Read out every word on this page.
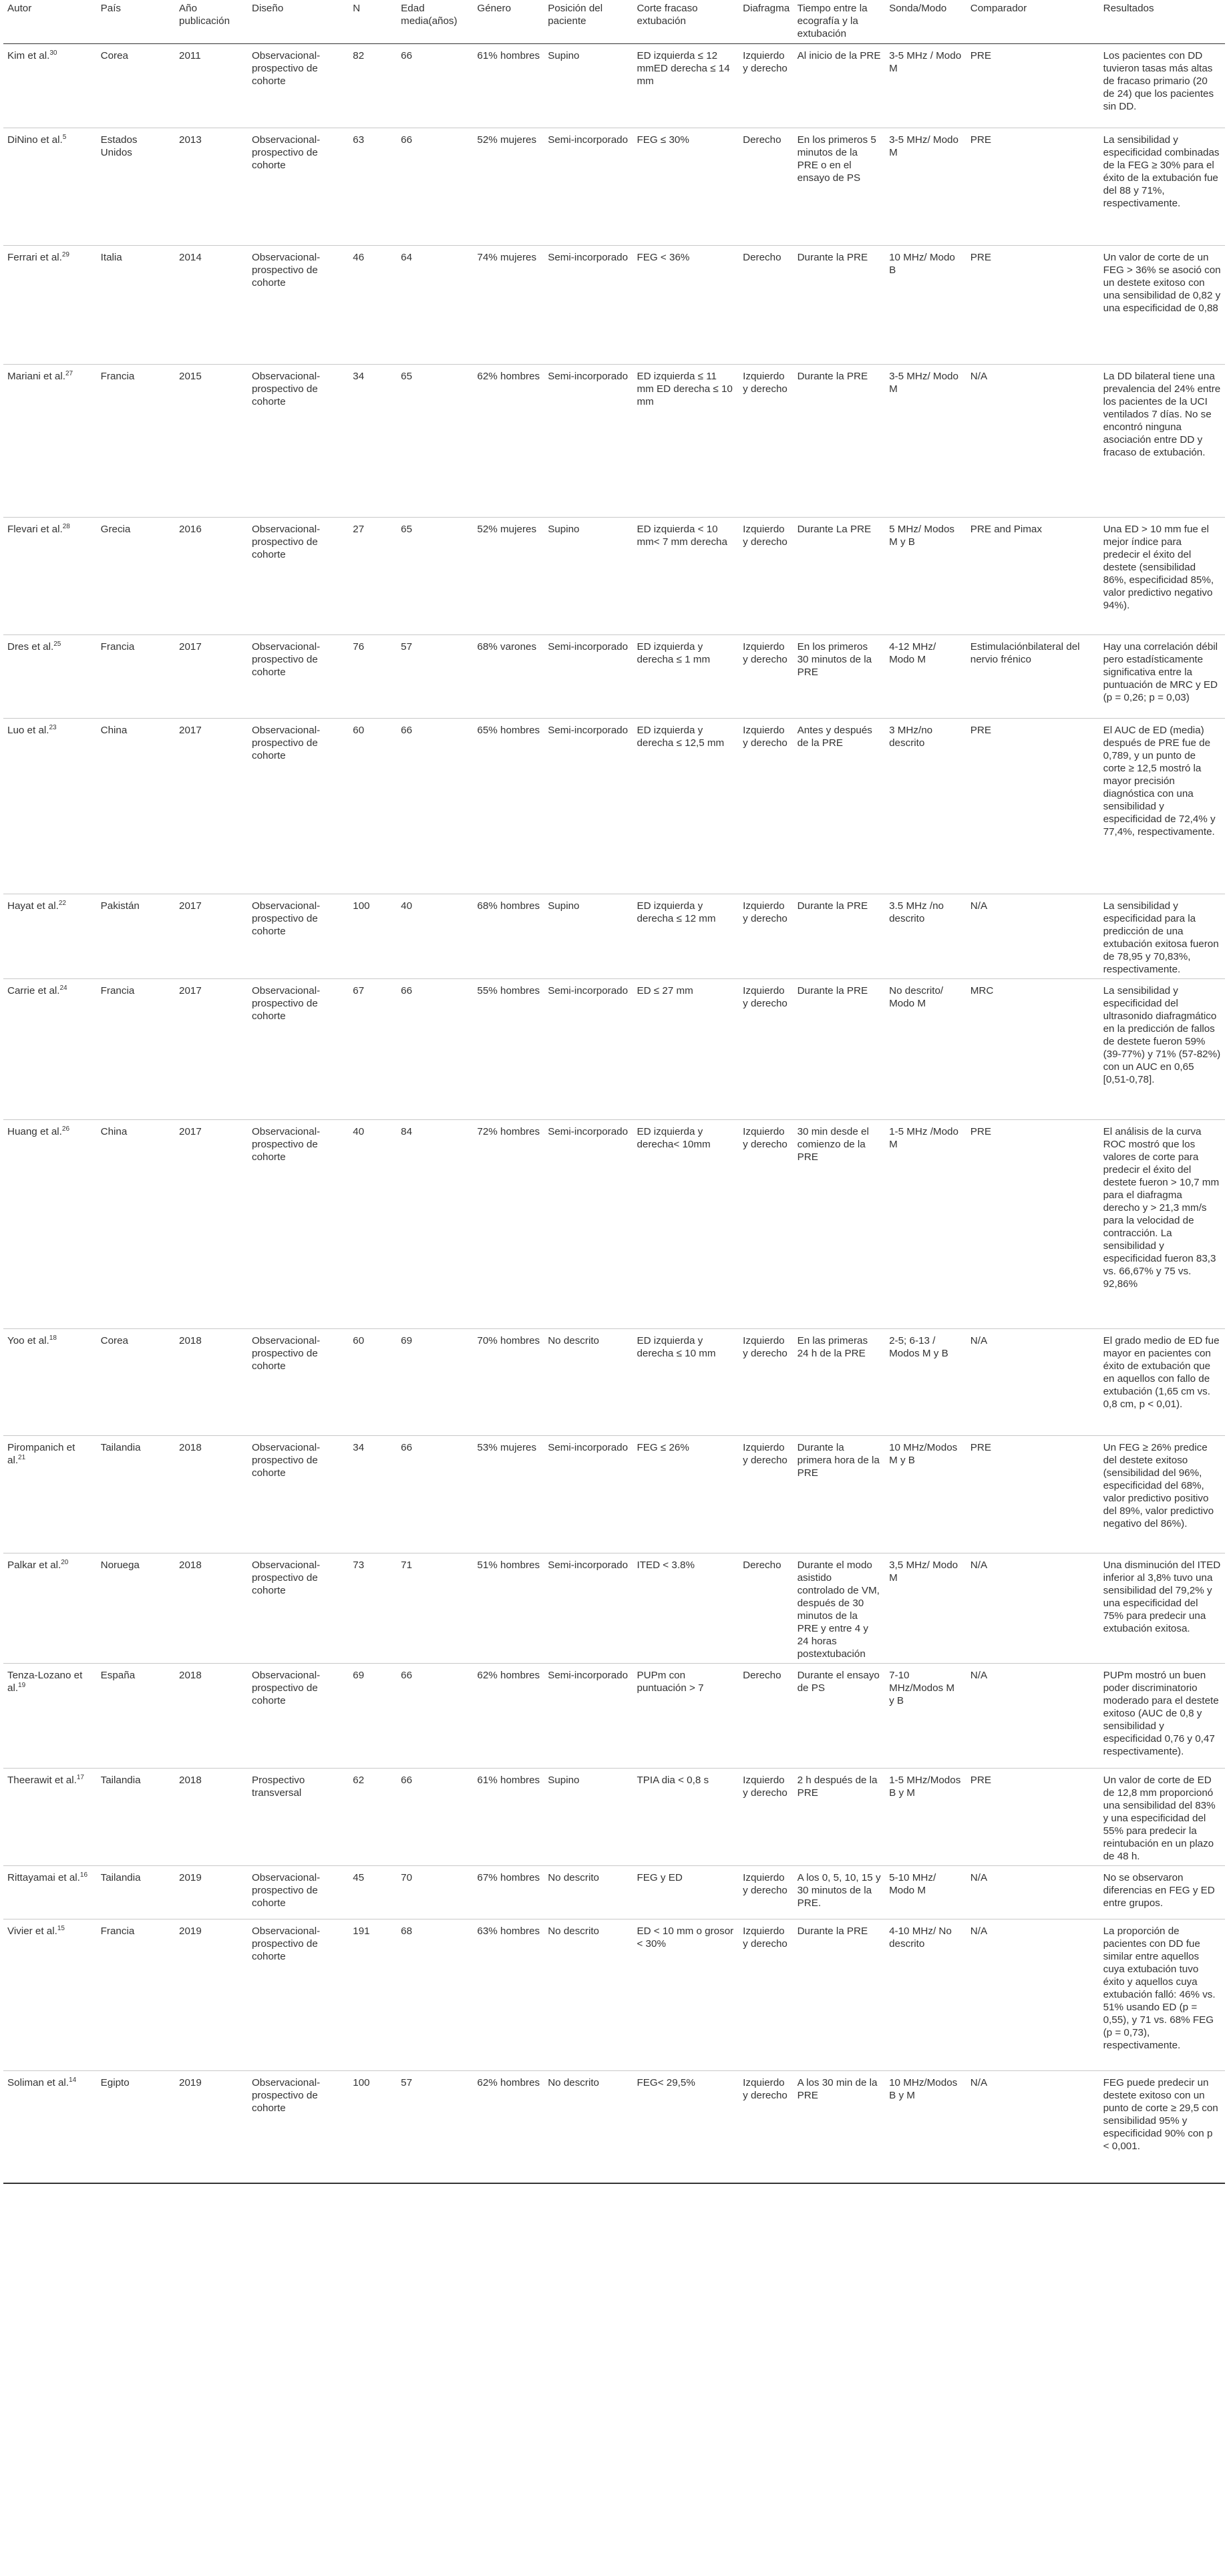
Autor	País	Año publicación	Diseño	N	Edad media(años)	Género	Posición del paciente	Corte fracaso extubación	Diafragma	Tiempo entre la ecografía y la extubación	Sonda/Modo	Comparador	Resultados
Kim et al.$^{30}$	Corea	2011	Observacional-prospectivo de cohorte	82	66	61% hombres	Supino	ED izquierda ≤ 12 mmED derecha ≤ 14 mm	Izquierdo y derecho	Al inicio de la PRE	3-5 MHz / Modo M	PRE	Los pacientes con DD tuvieron tasas más altas de fracaso primario (20 de 24) que los pacientes sin DD.
DiNino et al.$^5$	Estados Unidos	2013	Observacional-prospectivo de cohorte	63	66	52% mujeres	Semi-incorporado	FEG ≤ 30%	Derecho	En los primeros 5 minutos de la PRE o en el ensayo de PS	3-5 MHz/ Modo M	PRE	La sensibilidad y especificidad combinadas de la FEG ≥ 30% para el éxito de la extubación fue del 88 y 71%, respectivamente.
Ferrari et al.$^{29}$	Italia	2014	Observacional-prospectivo de cohorte	46	64	74% mujeres	Semi-incorporado	FEG < 36%	Derecho	Durante la PRE	10 MHz/ Modo B	PRE	Un valor de corte de un FEG > 36% se asoció con un destete exitoso con una sensibilidad de 0,82 y una especificidad de 0,88
Mariani et al.$^{27}$	Francia	2015	Observacional-prospectivo de cohorte	34	65	62% hombres	Semi-incorporado	ED izquierda ≤ 11 mm ED derecha ≤ 10 mm	Izquierdo y derecho	Durante la PRE	3-5 MHz/ Modo M	N/A	La DD bilateral tiene una prevalencia del 24% entre los pacientes de la UCI ventilados 7 días. No se encontró ninguna asociación entre DD y fracaso de extubación.
Flevari et al.$^{28}$	Grecia	2016	Observacional-prospectivo de cohorte	27	65	52% mujeres	Supino	ED izquierda < 10 mm< 7 mm derecha	Izquierdo y derecho	Durante La PRE	5 MHz/ Modos M y B	PRE and Pimax	Una ED > 10 mm fue el mejor índice para predecir el éxito del destete (sensibilidad 86%, especificidad 85%, valor predictivo negativo 94%).
Dres et al.$^{25}$	Francia	2017	Observacional-prospectivo de cohorte	76	57	68% varones	Semi-incorporado	ED izquierda y derecha ≤ 1 mm	Izquierdo y derecho	En los primeros 30 minutos de la PRE	4-12 MHz/ Modo M	Estimulaciónbilateral del nervio frénico	Hay una correlación débil pero estadísticamente significativa entre la puntuación de MRC y ED (p = 0,26; p = 0,03)
Luo et al.$^{23}$	China	2017	Observacional-prospectivo de cohorte	60	66	65% hombres	Semi-incorporado	ED izquierda y derecha ≤ 12,5 mm	Izquierdo y derecho	Antes y después de la PRE	3 MHz/no descrito	PRE	El AUC de ED (media) después de PRE fue de 0,789, y un punto de corte ≥ 12,5 mostró la mayor precisión diagnóstica con una sensibilidad y especificidad de 72,4% y 77,4%, respectivamente.
Hayat et al.$^{22}$	Pakistán	2017	Observacional-prospectivo de cohorte	100	40	68% hombres	Supino	ED izquierda y derecha ≤ 12 mm	Izquierdo y derecho	Durante la PRE	3.5 MHz /no descrito	N/A	La sensibilidad y especificidad para la predicción de una extubación exitosa fueron de 78,95 y 70,83%, respectivamente.
Carrie et al.$^{24}$	Francia	2017	Observacional-prospectivo de cohorte	67	66	55% hombres	Semi-incorporado	ED ≤ 27 mm	Izquierdo y derecho	Durante la PRE	No descrito/ Modo M	MRC	La sensibilidad y especificidad del ultrasonido diafragmático en la predicción de fallos de destete fueron 59% (39-77%) y 71% (57-82%) con un AUC en 0,65 [0,51-0,78].
Huang et al.$^{26}$	China	2017	Observacional-prospectivo de cohorte	40	84	72% hombres	Semi-incorporado	ED izquierda y derecha< 10mm	Izquierdo y derecho	30 min desde el comienzo de la PRE	1-5 MHz /Modo M	PRE	El análisis de la curva ROC mostró que los valores de corte para predecir el éxito del destete fueron > 10,7 mm para el diafragma derecho y > 21,3 mm/s para la velocidad de contracción. La sensibilidad y especificidad fueron 83,3 vs. 66,67% y 75 vs. 92,86%
Yoo et al.$^{18}$	Corea	2018	Observacional-prospectivo de cohorte	60	69	70% hombres	No descrito	ED izquierda y derecha ≤ 10 mm	Izquierdo y derecho	En las primeras 24 h de la PRE	2-5; 6-13 / Modos M y B	N/A	El grado medio de ED fue mayor en pacientes con éxito de extubación que en aquellos con fallo de extubación (1,65 cm vs. 0,8 cm, p < 0,01).
Pirompanich et al.$^{21}$	Tailandia	2018	Observacional-prospectivo de cohorte	34	66	53% mujeres	Semi-incorporado	FEG ≤ 26%	Izquierdo y derecho	Durante la primera hora de la PRE	10 MHz/Modos M y B	PRE	Un FEG ≥ 26% predice del destete exitoso (sensibilidad del 96%, especificidad del 68%, valor predictivo positivo del 89%, valor predictivo negativo del 86%).
Palkar et al.$^{20}$	Noruega	2018	Observacional-prospectivo de cohorte	73	71	51% hombres	Semi-incorporado	ITED < 3.8%	Derecho	Durante el modo asistido controlado de VM, después de 30 minutos de la PRE y entre 4 y 24 horas postextubación	3,5 MHz/ Modo M	N/A	Una disminución del ITED inferior al 3,8% tuvo una sensibilidad del 79,2% y una especificidad del 75% para predecir una extubación exitosa.
Tenza-Lozano et al.$^{19}$	España	2018	Observacional-prospectivo de cohorte	69	66	62% hombres	Semi-incorporado	PUPm con puntuación > 7	Derecho	Durante el ensayo de PS	7-10 MHz/Modos M y B	N/A	PUPm mostró un buen poder discriminatorio moderado para el destete exitoso (AUC de 0,8 y sensibilidad y especificidad 0,76 y 0,47 respectivamente).
Theerawit et al.$^{17}$	Tailandia	2018	Prospectivo transversal	62	66	61% hombres	Supino	TPIA dia < 0,8 s	Izquierdo y derecho	2 h después de la PRE	1-5 MHz/Modos B y M	PRE	Un valor de corte de ED de 12,8 mm proporcionó una sensibilidad del 83% y una especificidad del 55% para predecir la reintubación en un plazo de 48 h.
Rittayamai et al.$^{16}$	Tailandia	2019	Observacional-prospectivo de cohorte	45	70	67% hombres	No descrito	FEG y ED	Izquierdo y derecho	A los 0, 5, 10, 15 y 30 minutos de la PRE.	5-10 MHz/ Modo M	N/A	No se observaron diferencias en FEG y ED entre grupos.
Vivier et al.$^{15}$	Francia	2019	Observacional-prospectivo de cohorte	191	68	63% hombres	No descrito	ED < 10 mm o grosor < 30%	Izquierdo y derecho	Durante la PRE	4-10 MHz/ No descrito	N/A	La proporción de pacientes con DD fue similar entre aquellos cuya extubación tuvo éxito y aquellos cuya extubación falló: 46% vs. 51% usando ED (p = 0,55), y 71 vs. 68% FEG (p = 0,73), respectivamente.
Soliman et al.$^{14}$	Egipto	2019	Observacional-prospectivo de cohorte	100	57	62% hombres	No descrito	FEG< 29,5%	Izquierdo y derecho	A los 30 min de la PRE	10 MHz/Modos B y M	N/A	FEG puede predecir un destete exitoso con un punto de corte ≥ 29,5 con sensibilidad 95% y especificidad 90% con p < 0,001.
